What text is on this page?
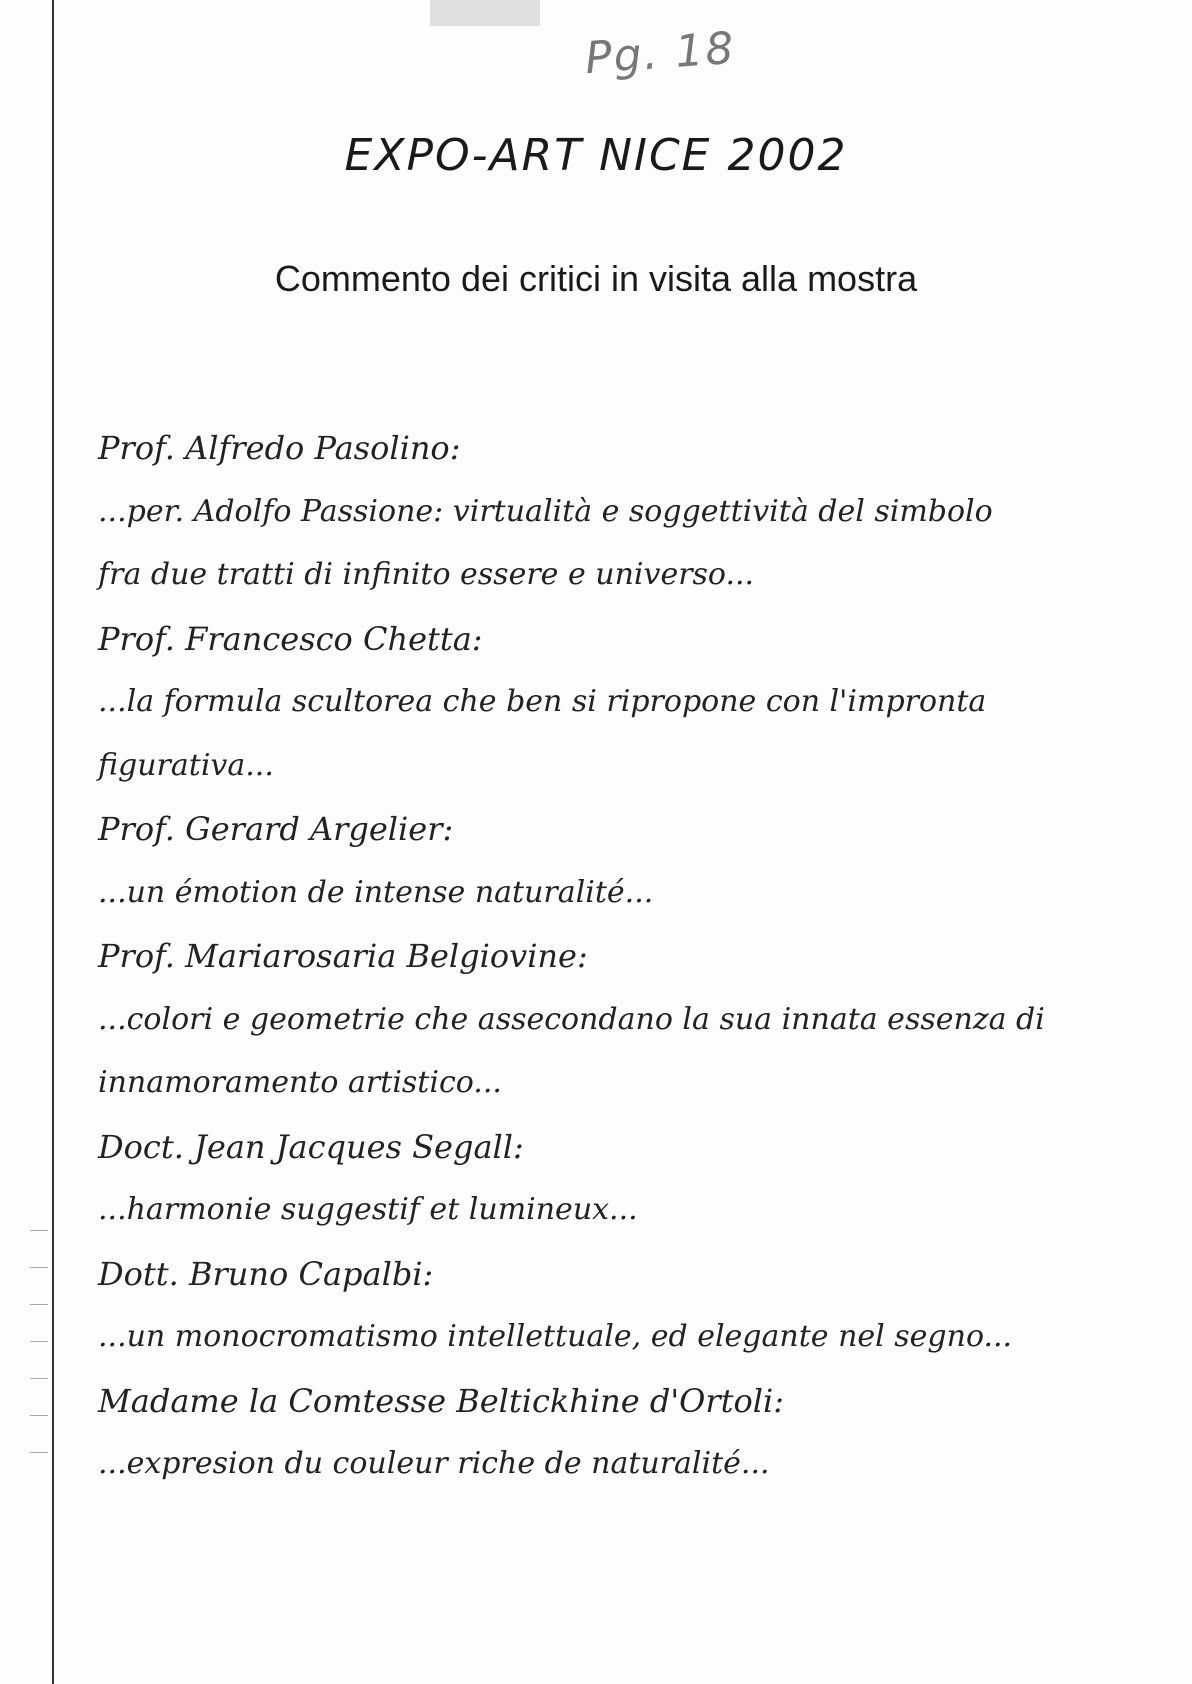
Pg. 18
EXPO-ART NICE 2002
Commento dei critici in visita alla mostra
Prof. Alfredo Pasolino:
...per. Adolfo Passione: virtualità e soggettività del simbolo
fra due tratti di infinito essere e universo...
Prof. Francesco Chetta:
...la formula scultorea che ben si ripropone con l'impronta
figurativa...
Prof. Gerard Argelier:
...un émotion de intense naturalité...
Prof. Mariarosaria Belgiovine:
...colori e geometrie che assecondano la sua innata essenza di
innamoramento artistico...
Doct. Jean Jacques Segall:
...harmonie suggestif et lumineux...
Dott. Bruno Capalbi:
...un monocromatismo intellettuale, ed elegante nel segno...
Madame la Comtesse Beltickhine d'Ortoli:
...expresion du couleur riche de naturalité...
